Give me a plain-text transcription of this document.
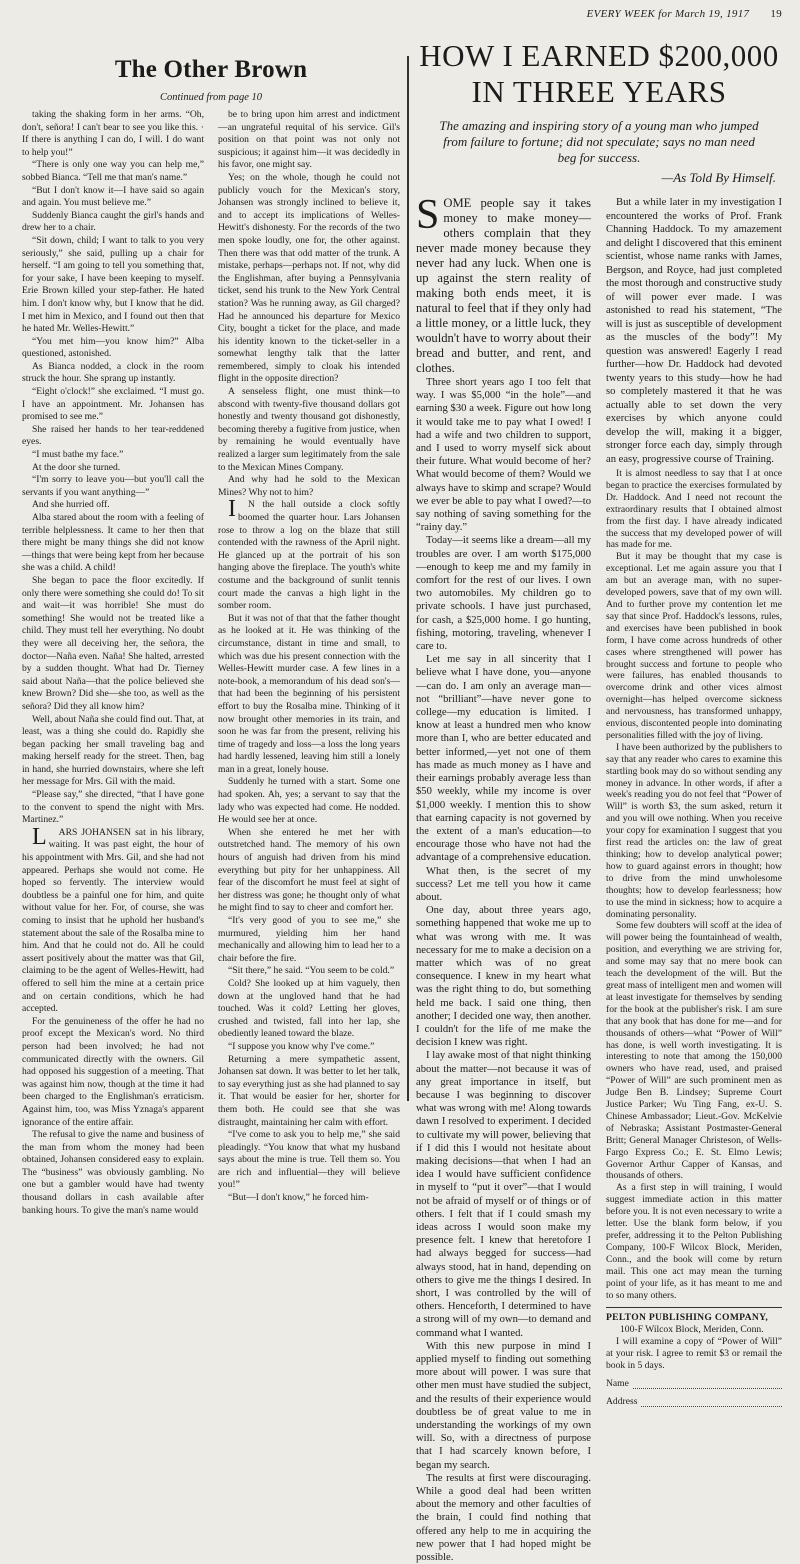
EVERY WEEK for March 19, 1917 19
The Other Brown
Continued from page 10

taking the shaking form in her arms. “Oh, don't, señora! I can't bear to see you like this. · If there is anything I can do, I will. I do want to help you!”

“There is only one way you can help me,” sobbed Bianca. “Tell me that man's name.”

“But I don't know it—I have said so again and again. You must believe me.”

Suddenly Bianca caught the girl's hands and drew her to a chair.

“Sit down, child; I want to talk to you very seriously,” she said, pulling up a chair for herself. “I am going to tell you something that, for your sake, I have been keeping to myself. Erie Brown killed your step-father. He hated him. I don't know why, but I know that he did. I met him in Mexico, and I found out then that he hated Mr. Welles-Hewitt.”

“You met him—you know him?” Alba questioned, astonished.

As Bianca nodded, a clock in the room struck the hour. She sprang up instantly.

“Eight o'clock!” she exclaimed. “I must go. I have an appointment. Mr. Johansen has promised to see me.”

She raised her hands to her tear-reddened eyes.

“I must bathe my face.”

At the door she turned.

“I'm sorry to leave you—but you'll call the servants if you want anything—”

And she hurried off.

Alba stared about the room with a feeling of terrible helplessness. It came to her then that there might be many things she did not know—things that were being kept from her because she was a child. A child!

She began to pace the floor excitedly. If only there were something she could do! To sit and wait—it was horrible! She must do something! She would not be treated like a child. They must tell her everything. No doubt they were all deceiving her, the señora, the doctor—Naña even. Naña! She halted, arrested by a sudden thought. What had Dr. Tierney said about Naña—that the police believed she knew Brown? Did she—she too, as well as the señora? Did they all know him?

Well, about Naña she could find out. That, at least, was a thing she could do. Rapidly she began packing her small traveling bag and making herself ready for the street. Then, bag in hand, she hurried downstairs, where she left her message for Mrs. Gil with the maid.

“Please say,” she directed, “that I have gone to the convent to spend the night with Mrs. Martinez.”

LARS JOHANSEN sat in his library, waiting. It was past eight, the hour of his appointment with Mrs. Gil, and she had not appeared. Perhaps she would not come. He hoped so fervently. The interview would doubtless be a painful one for him, and quite without value for her. For, of course, she was coming to insist that he uphold her husband's statement about the sale of the Rosalba mine to him. And that he could not do. All he could assert positively about the matter was that Gil, claiming to be the agent of Welles-Hewitt, had offered to sell him the mine at a certain price and on certain conditions, which he had accepted.

For the genuineness of the offer he had no proof except the Mexican's word. No third person had been involved; he had not communicated directly with the owners. Gil had opposed his suggestion of a meeting. That was against him now, though at the time it had been charged to the Englishman's erraticism. Against him, too, was Miss Yznaga's apparent ignorance of the entire affair.

The refusal to give the name and business of the man from whom the money had been obtained, Johansen considered easy to explain. The “business” was obviously gambling. No one but a gambler would have had twenty thousand dollars in cash available after banking hours. To give the man's name would

be to bring upon him arrest and indictment—an ungrateful requital of his service. Gil's position on that point was not only not suspicious; it against him—it was decidedly in his favor, one might say.

Yes; on the whole, though he could not publicly vouch for the Mexican's story, Johansen was strongly inclined to believe it, and to accept its implications of Welles-Hewitt's dishonesty. For the records of the two men spoke loudly, one for, the other against. Then there was that odd matter of the trunk. A mistake, perhaps—perhaps not. If not, why did the Englishman, after buying a Pennsylvania ticket, send his trunk to the New York Central station? Was he running away, as Gil charged? Had he announced his departure for Mexico City, bought a ticket for the place, and made his identity known to the ticket-seller in a somewhat lengthy talk that the latter remembered, simply to cloak his intended flight in the opposite direction?

A senseless flight, one must think—to abscond with twenty-five thousand dollars got honestly and twenty thousand got dishonestly, becoming thereby a fugitive from justice, when by remaining he would eventually have realized a larger sum legitimately from the sale to the Mexican Mines Company.

And why had he sold to the Mexican Mines? Why not to him?

IN the hall outside a clock softly boomed the quarter hour. Lars Johansen rose to throw a log on the blaze that still contended with the rawness of the April night. He glanced up at the portrait of his son hanging above the fireplace. The youth's white costume and the background of sunlit tennis court made the canvas a high light in the somber room.

But it was not of that that the father thought as he looked at it. He was thinking of the circumstance, distant in time and small, to which was due his present connection with the Welles-Hewitt murder case. A few lines in a note-book, a memorandum of his dead son's—that had been the beginning of his persistent effort to buy the Rosalba mine. Thinking of it now brought other memories in its train, and soon he was far from the present, reliving his time of tragedy and loss—a loss the long years had hardly lessened, leaving him still a lonely man in a great, lonely house.

Suddenly he turned with a start. Some one had spoken. Ah, yes; a servant to say that the lady who was expected had come. He nodded. He would see her at once.

When she entered he met her with outstretched hand. The memory of his own hours of anguish had driven from his mind everything but pity for her unhappiness. All fear of the discomfort he must feel at sight of her distress was gone; he thought only of what he might find to say to cheer and comfort her.

“It's very good of you to see me,” she murmured, yielding him her hand mechanically and allowing him to lead her to a chair before the fire.

“Sit there,” he said. “You seem to be cold.”

Cold? She looked up at him vaguely, then down at the ungloved hand that he had touched. Was it cold? Letting her gloves, crushed and twisted, fall into her lap, she obediently leaned toward the blaze.

“I suppose you know why I've come.”

Returning a mere sympathetic assent, Johansen sat down. It was better to let her talk, to say everything just as she had planned to say it. That would be easier for her, shorter for them both. He could see that she was distraught, maintaining her calm with effort.

“I've come to ask you to help me,” she said pleadingly. “You know that what my husband says about the mine is true. Tell them so. You are rich and influential—they will believe you!”

“But—I don't know,” he forced him-

HOW I EARNED $200,000
IN THREE YEARS
The amazing and inspiring story of a young man who jumped from failure to fortune; did not speculate; says no man need beg for success.
—As Told By Himself.

SOME people say it takes money to make money—others complain that they never made money because they never had any luck. When one is up against the stern reality of making both ends meet, it is natural to feel that if they only had a little money, or a little luck, they wouldn't have to worry about their bread and butter, and rent, and clothes.

Three short years ago I too felt that way. I was $5,000 “in the hole”—and earning $30 a week. Figure out how long it would take me to pay what I owed! I had a wife and two children to support, and I used to worry myself sick about their future. What would become of her? What would become of them? Would we always have to skimp and scrape? Would we ever be able to pay what I owed?—to say nothing of saving something for the “rainy day.”

Today—it seems like a dream—all my troubles are over. I am worth $175,000—enough to keep me and my family in comfort for the rest of our lives. I own two automobiles. My children go to private schools. I have just purchased, for cash, a $25,000 home. I go hunting, fishing, motoring, traveling, whenever I care to.

Let me say in all sincerity that I believe what I have done, you—anyone—can do. I am only an average man—not “brilliant”—have never gone to college—my education is limited. I know at least a hundred men who know more than I, who are better educated and better informed,—yet not one of them has made as much money as I have and their earnings probably average less than $50 weekly, while my income is over $1,000 weekly. I mention this to show that earning capacity is not governed by the extent of a man's education—to encourage those who have not had the advantage of a comprehensive education.

What then, is the secret of my success? Let me tell you how it came about.

One day, about three years ago, something happened that woke me up to what was wrong with me. It was necessary for me to make a decision on a matter which was of no great consequence. I knew in my heart what was the right thing to do, but something held me back. I said one thing, then another; I decided one way, then another. I couldn't for the life of me make the decision I knew was right.

I lay awake most of that night thinking about the matter—not because it was of any great importance in itself, but because I was beginning to discover what was wrong with me! Along towards dawn I resolved to experiment. I decided to cultivate my will power, believing that if I did this I would not hesitate about making decisions—that when I had an idea I would have sufficient confidence in myself to “put it over”—that I would not be afraid of myself or of things or of others. I felt that if I could smash my ideas across I would soon make my presence felt. I knew that heretofore I had always begged for success—had always stood, hat in hand, depending on others to give me the things I desired. In short, I was controlled by the will of others. Henceforth, I determined to have a strong will of my own—to demand and command what I wanted.

With this new purpose in mind I applied myself to finding out something more about will power. I was sure that other men must have studied the subject, and the results of their experience would doubtless be of great value to me in understanding the workings of my own will. So, with a directness of purpose that I had scarcely known before, I began my search.

The results at first were discouraging. While a good deal had been written about the memory and other faculties of the brain, I could find nothing that offered any help to me in acquiring the new power that I had hoped might be possible.

But a while later in my investigation I encountered the works of Prof. Frank Channing Haddock. To my amazement and delight I discovered that this eminent scientist, whose name ranks with James, Bergson, and Royce, had just completed the most thorough and constructive study of will power ever made. I was astonished to read his statement, “The will is just as susceptible of development as the muscles of the body”! My question was answered! Eagerly I read further—how Dr. Haddock had devoted twenty years to this study—how he had so completely mastered it that he was actually able to set down the very exercises by which anyone could develop the will, making it a bigger, stronger force each day, simply through an easy, progressive course of Training.

It is almost needless to say that I at once began to practice the exercises formulated by Dr. Haddock. And I need not recount the extraordinary results that I obtained almost from the first day. I have already indicated the success that my developed power of will has made for me.

But it may be thought that my case is exceptional. Let me again assure you that I am but an average man, with no super-developed powers, save that of my own will. And to further prove my contention let me say that since Prof. Haddock's lessons, rules, and exercises have been published in book form, I have come across hundreds of other cases where strengthened will power has brought success and fortune to people who were failures, has enabled thousands to overcome drink and other vices almost overnight—has helped overcome sickness and nervousness, has transformed unhappy, envious, discontented people into dominating personalities filled with the joy of living.

I have been authorized by the publishers to say that any reader who cares to examine this startling book may do so without sending any money in advance. In other words, if after a week's reading you do not feel that “Power of Will” is worth $3, the sum asked, return it and you will owe nothing. When you receive your copy for examination I suggest that you first read the articles on: the law of great thinking; how to develop analytical power; how to guard against errors in thought; how to drive from the mind unwholesome thoughts; how to develop fearlessness; how to use the mind in sickness; how to acquire a dominating personality.

Some few doubters will scoff at the idea of will power being the fountainhead of wealth, position, and everything we are striving for, and some may say that no mere book can teach the development of the will. But the great mass of intelligent men and women will at least investigate for themselves by sending for the book at the publisher's risk. I am sure that any book that has done for me—and for thousands of others—what “Power of Will” has done, is well worth investigating. It is interesting to note that among the 150,000 owners who have read, used, and praised “Power of Will” are such prominent men as Judge Ben B. Lindsey; Supreme Court Justice Parker; Wu Ting Fang, ex-U. S. Chinese Ambassador; Lieut.-Gov. McKelvie of Nebraska; Assistant Postmaster-General Britt; General Manager Christeson, of Wells-Fargo Express Co.; E. St. Elmo Lewis; Governor Arthur Capper of Kansas, and thousands of others.

As a first step in will training, I would suggest immediate action in this matter before you. It is not even necessary to write a letter. Use the blank form below, if you prefer, addressing it to the Pelton Publishing Company, 100-F Wilcox Block, Meriden, Conn., and the book will come by return mail. This one act may mean the turning point of your life, as it has meant to me and to so many others.

PELTON PUBLISHING COMPANY,
100-F Wilcox Block, Meriden, Conn.
I will examine a copy of “Power of Will” at your risk. I agree to remit $3 or remail the book in 5 days.
Name
Address
